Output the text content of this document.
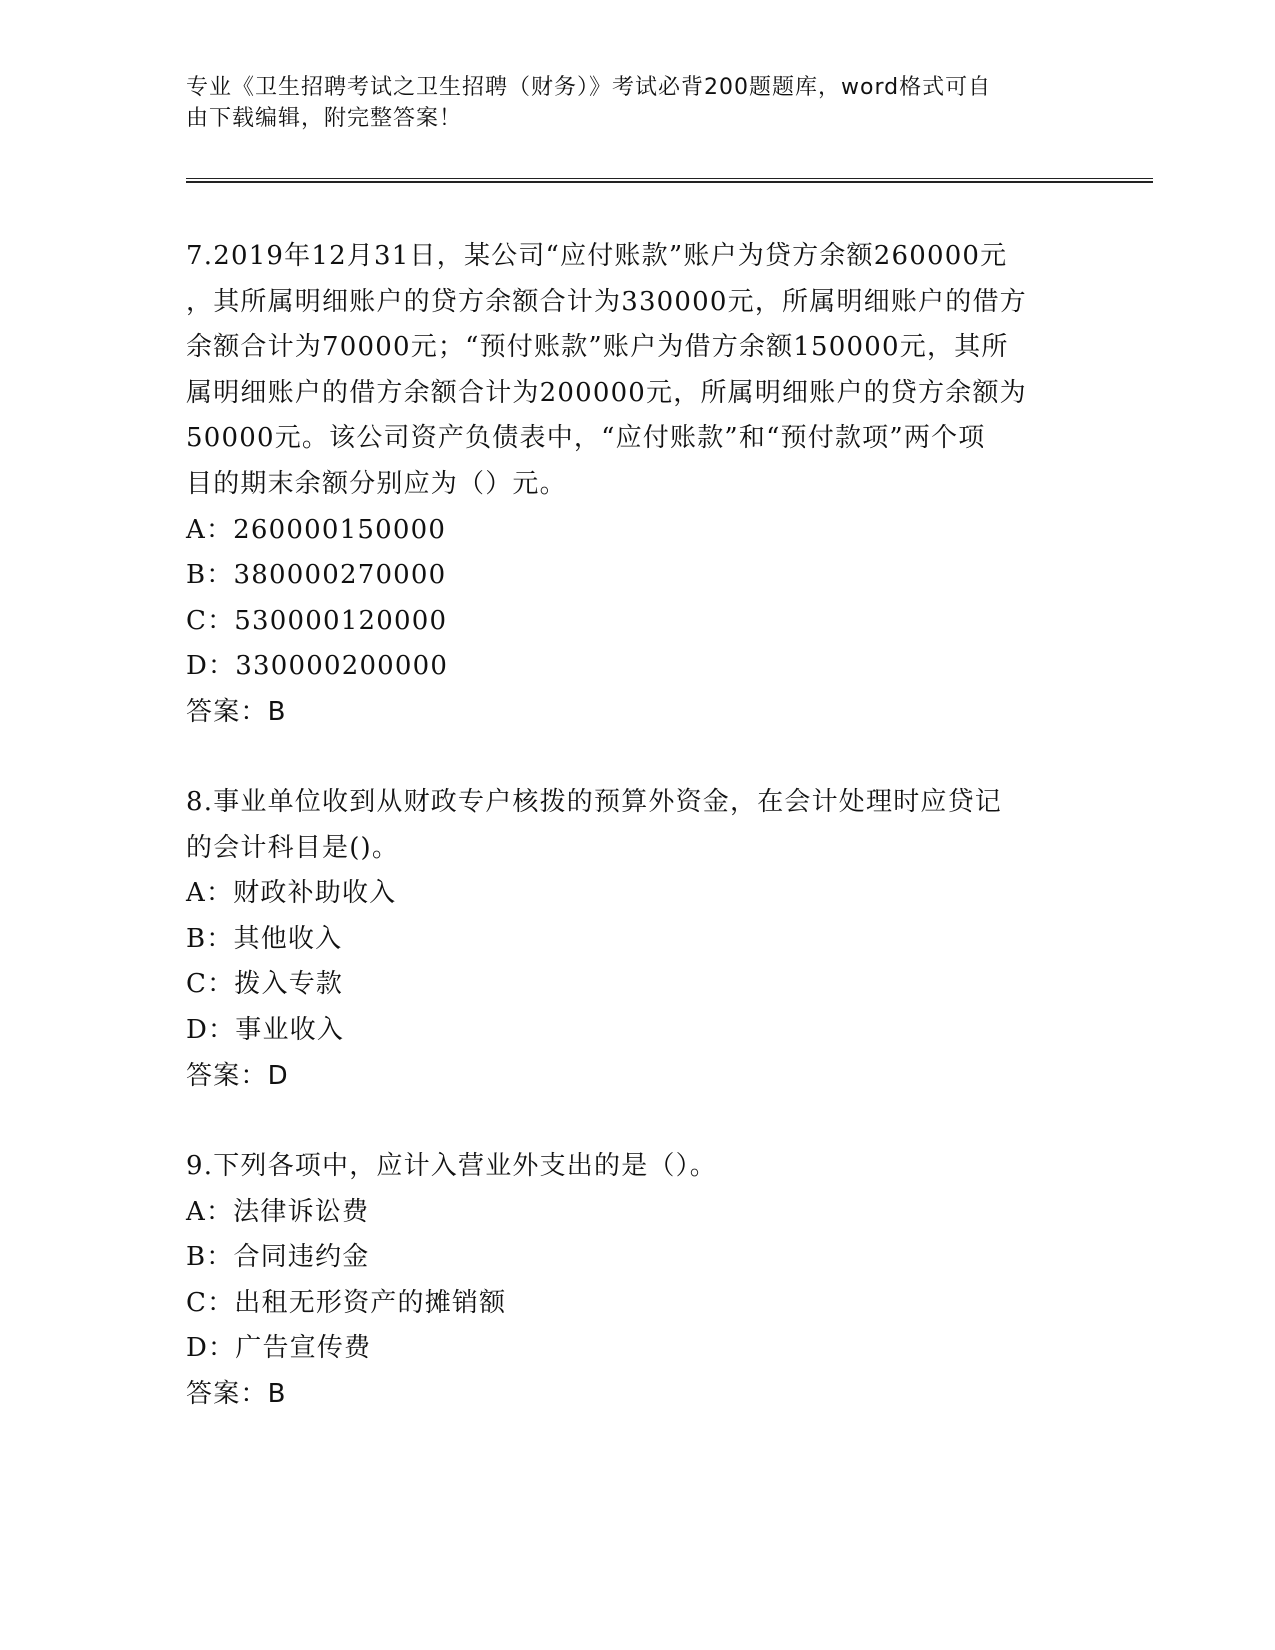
专业《卫生招聘考试之卫生招聘（财务）》考试必背200题题库，word格式可自
由下载编辑，附完整答案！

7.2019年12月31日，某公司“应付账款”账户为贷方余额260000元

，其所属明细账户的贷方余额合计为330000元，所属明细账户的借方

余额合计为70000元；“预付账款”账户为借方余额150000元，其所

属明细账户的借方余额合计为200000元，所属明细账户的贷方余额为

50000元。该公司资产负债表中，“应付账款”和“预付款项”两个项

目的期末余额分别应为（）元。

A：260000150000

B：380000270000

C：530000120000

D：330000200000

答案：B

8.事业单位收到从财政专户核拨的预算外资金，在会计处理时应贷记

的会计科目是()。

A：财政补助收入

B：其他收入

C：拨入专款

D：事业收入

答案：D

9.下列各项中，应计入营业外支出的是（）。

A：法律诉讼费

B：合同违约金

C：出租无形资产的摊销额

D：广告宣传费

答案：B
